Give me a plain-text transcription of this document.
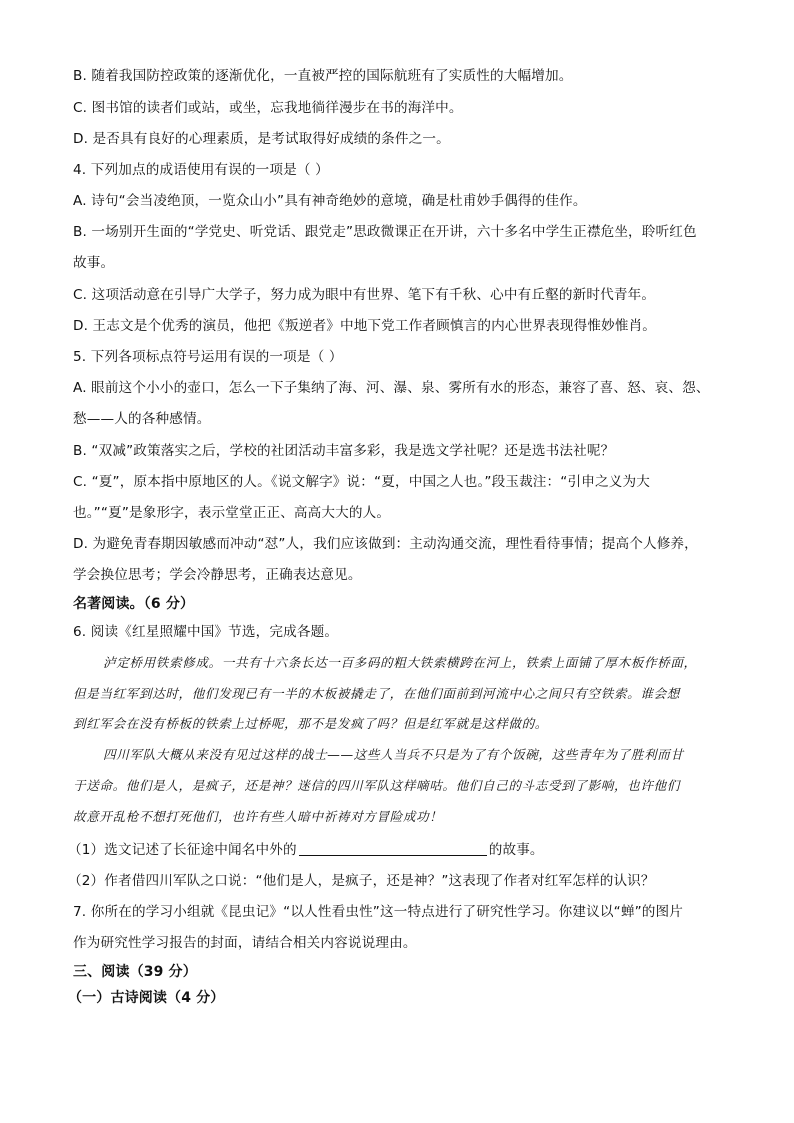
B. 随着我国防控政策的逐渐优化，一直被严控的国际航班有了实质性的大幅增加。
C. 图书馆的读者们或站，或坐，忘我地徜徉漫步在书的海洋中。
D. 是否具有良好的心理素质，是考试取得好成绩的条件之一。
4. 下列加点的成语使用有误的一项是（ ）
A. 诗句“会当凌绝顶，一览众山小”具有神奇绝妙的意境，确是杜甫妙手偶得的佳作。
B. 一场别开生面的“学党史、听党话、跟党走”思政微课正在开讲，六十多名中学生正襟危坐，聆听红色
故事。
C. 这项活动意在引导广大学子，努力成为眼中有世界、笔下有千秋、心中有丘壑的新时代青年。
D. 王志文是个优秀的演员，他把《叛逆者》中地下党工作者顾慎言的内心世界表现得惟妙惟肖。
5. 下列各项标点符号运用有误的一项是（ ）
A. 眼前这个小小的壶口，怎么一下子集纳了海、河、瀑、泉、雾所有水的形态，兼容了喜、怒、哀、怨、
愁——人的各种感情。
B. “双减”政策落实之后，学校的社团活动丰富多彩，我是选文学社呢？还是选书法社呢？
C. “夏”，原本指中原地区的人。《说文解字》说：“夏，中国之人也。”段玉裁注：“引申之义为大
也。”“夏”是象形字，表示堂堂正正、高高大大的人。
D. 为避免青春期因敏感而冲动“怼”人，我们应该做到：主动沟通交流，理性看待事情；提高个人修养，
学会换位思考；学会冷静思考，正确表达意见。
名著阅读。（6 分）
6. 阅读《红星照耀中国》节选，完成各题。
泸定桥用铁索修成。一共有十六条长达一百多码的粗大铁索横跨在河上，铁索上面铺了厚木板作桥面，
但是当红军到达时，他们发现已有一半的木板被撬走了，在他们面前到河流中心之间只有空铁索。谁会想
到红军会在没有桥板的铁索上过桥呢，那不是发疯了吗？但是红军就是这样做的。
四川军队大概从来没有见过这样的战士——这些人当兵不只是为了有个饭碗，这些青年为了胜利而甘
于送命。他们是人，是疯子，还是神？迷信的四川军队这样嘀咕。他们自己的斗志受到了影响，也许他们
故意开乱枪不想打死他们，也许有些人暗中祈祷对方冒险成功！
（1）选文记述了长征途中闻名中外的	的故事。
（2）作者借四川军队之口说：“他们是人，是疯子，还是神？”这表现了作者对红军怎样的认识？
7. 你所在的学习小组就《昆虫记》“以人性看虫性”这一特点进行了研究性学习。你建议以“蝉”的图片
作为研究性学习报告的封面，请结合相关内容说说理由。
三、阅读（39 分）
（一）古诗阅读（4 分）
